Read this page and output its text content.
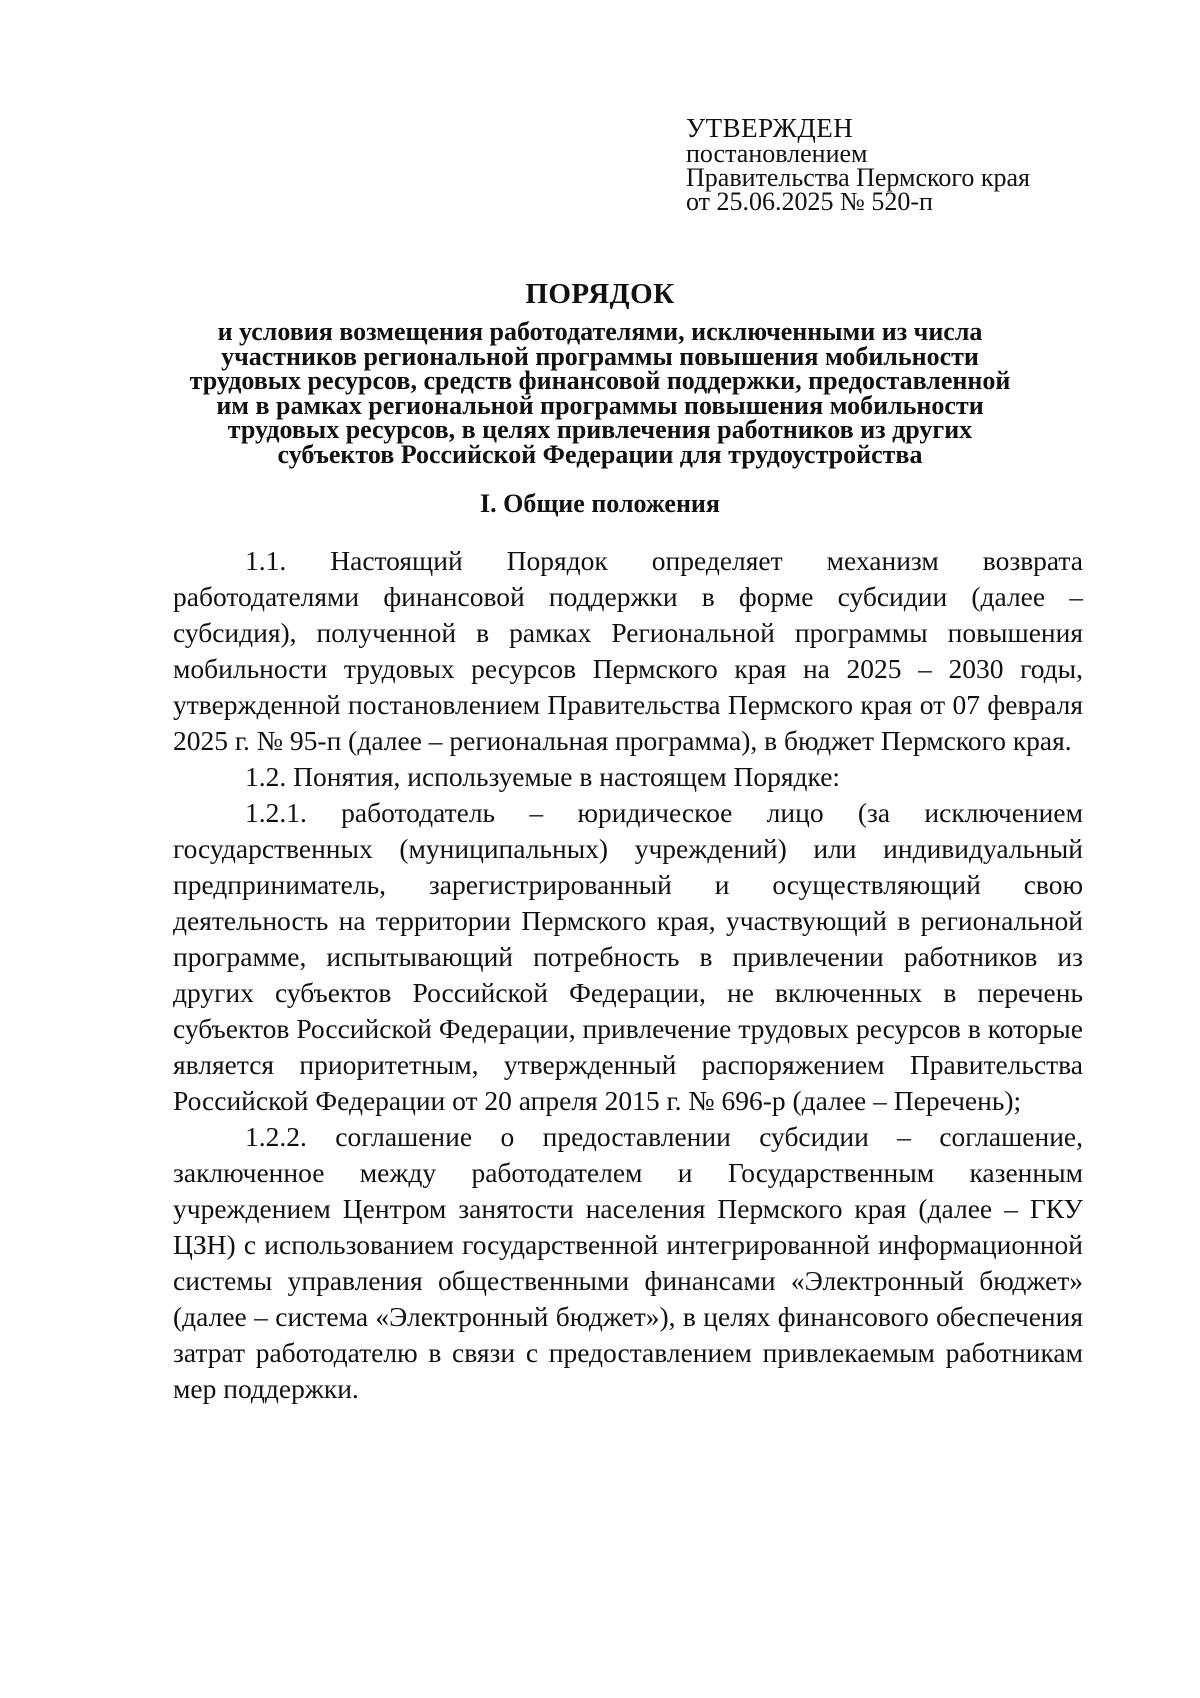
УТВЕРЖДЕН
постановлением
Правительства Пермского края
от 25.06.2025 № 520-п
ПОРЯДОК
и условия возмещения работодателями, исключенными из числа
участников региональной программы повышения мобильности
трудовых ресурсов, средств финансовой поддержки, предоставленной
им в рамках региональной программы повышения мобильности
трудовых ресурсов, в целях привлечения работников из других
субъектов Российской Федерации для трудоустройства
I. Общие положения

1.1. Настоящий Порядок определяет механизм возврата работодателями финансовой поддержки в форме субсидии (далее – субсидия), полученной в рамках Региональной программы повышения мобильности трудовых ресурсов Пермского края на 2025 – 2030 годы, утвержденной постановлением Правительства Пермского края от 07 февраля 2025 г. № 95-п (далее – региональная программа), в бюджет Пермского края.

1.2. Понятия, используемые в настоящем Порядке:

1.2.1. работодатель – юридическое лицо (за исключением государственных (муниципальных) учреждений) или индивидуальный предприниматель, зарегистрированный и осуществляющий свою деятельность на территории Пермского края, участвующий в региональной программе, испытывающий потребность в привлечении работников из других субъектов Российской Федерации, не включенных в перечень субъектов Российской Федерации, привлечение трудовых ресурсов в которые является приоритетным, утвержденный распоряжением Правительства Российской Федерации от 20 апреля 2015 г. № 696-р (далее – Перечень);

1.2.2. соглашение о предоставлении субсидии – соглашение, заключенное между работодателем и Государственным казенным учреждением Центром занятости населения Пермского края (далее – ГКУ ЦЗН) с использованием государственной интегрированной информационной системы управления общественными финансами «Электронный бюджет» (далее – система «Электронный бюджет»), в целях финансового обеспечения затрат работодателю в связи с предоставлением привлекаемым работникам мер поддержки.
